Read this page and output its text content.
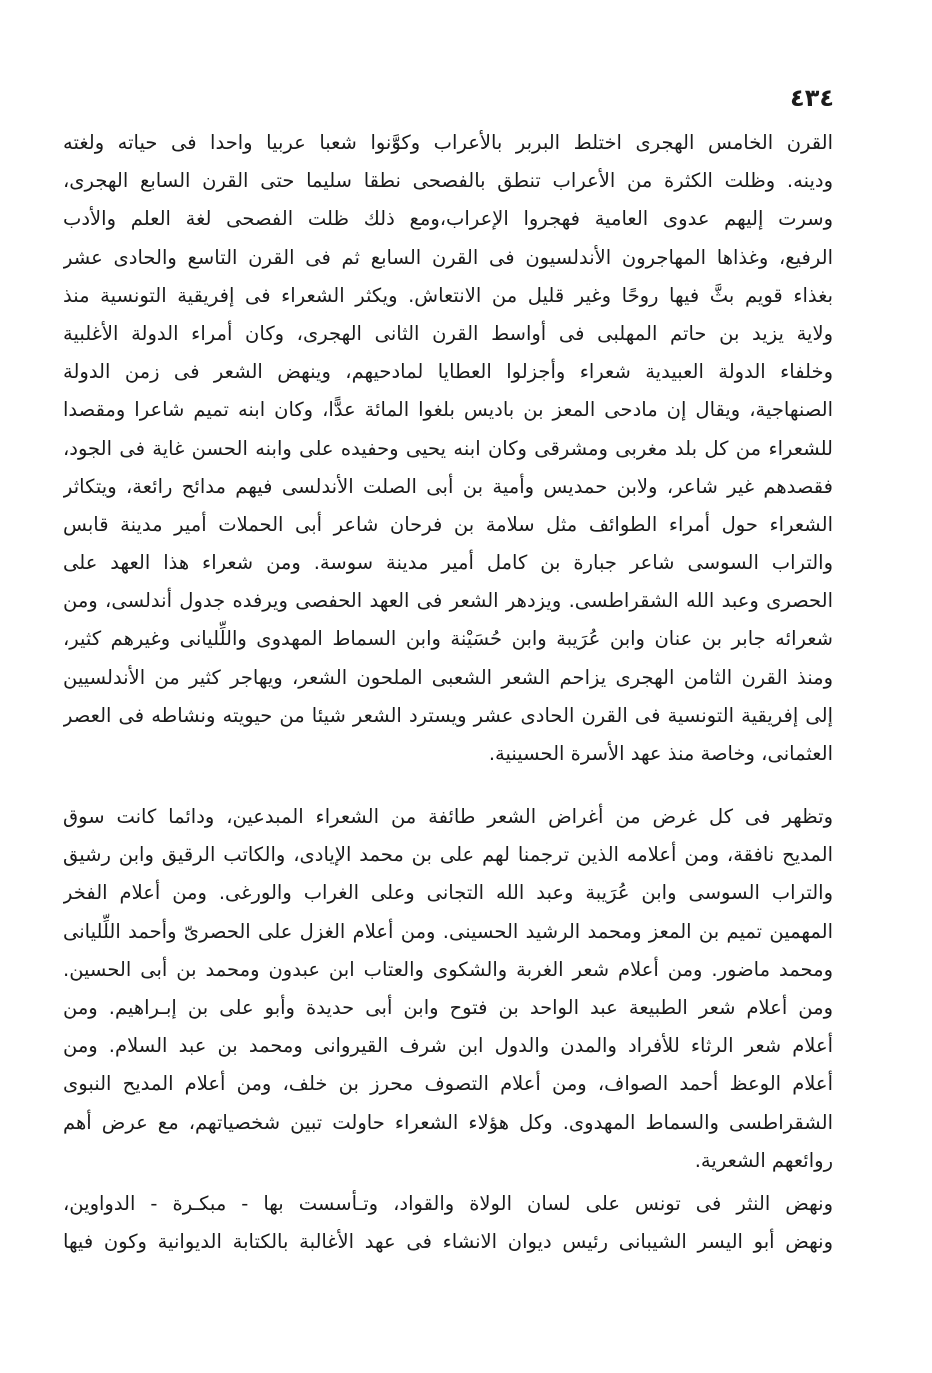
٤٣٤
القرن الخامس الهجرى اختلط البربر بالأعراب وكوَّنوا شعبا عربيا واحدا فى حياته ولغته
ودينه. وظلت الكثرة من الأعراب تنطق بالفصحى نطقا سليما حتى القرن السابع الهجرى،
وسرت إليهم عدوى العامية فهجروا الإعراب،ومع ذلك ظلت الفصحى لغة العلم والأدب
الرفيع، وغذاها المهاجرون الأندلسيون فى القرن السابع ثم فى القرن التاسع والحادى عشر
بغذاء قويم بثَّ فيها روحًا وغير قليل من الانتعاش. ويكثر الشعراء فى إفريقية التونسية منذ
ولاية يزيد بن حاتم المهلبى فى أواسط القرن الثانى الهجرى، وكان أمراء الدولة الأغلبية
وخلفاء الدولة العبيدية شعراء وأجزلوا العطايا لمادحيهم، وينهض الشعر فى زمن الدولة
الصنهاجية، ويقال إن مادحى المعز بن باديس بلغوا المائة عدًّا، وكان ابنه تميم شاعرا ومقصدا
للشعراء من كل بلد مغربى ومشرقى وكان ابنه يحيى وحفيده على وابنه الحسن غاية فى الجود،
فقصدهم غير شاعر، ولابن حمديس وأمية بن أبى الصلت الأندلسى فيهم مدائح رائعة، ويتكاثر
الشعراء حول أمراء الطوائف مثل سلامة بن فرحان شاعر أبى الحملات أمير مدينة قابس
والتراب السوسى شاعر جبارة بن كامل أمير مدينة سوسة. ومن شعراء هذا العهد على
الحصرى وعبد الله الشقراطسى. ويزدهر الشعر فى العهد الحفصى ويرفده جدول أندلسى، ومن
شعرائه جابر بن عنان وابن عُرَيبة وابن حُسَيْنة وابن السماط المهدوى واللِّليانى وغيرهم كثير،
ومنذ القرن الثامن الهجرى يزاحم الشعر الشعبى الملحون الشعر، ويهاجر كثير من الأندلسيين
إلى إفريقية التونسية فى القرن الحادى عشر ويسترد الشعر شيئا من حيويته ونشاطه فى العصر
العثمانى، وخاصة منذ عهد الأسرة الحسينية.
وتظهر فى كل غرض من أغراض الشعر طائفة من الشعراء المبدعين، ودائما كانت سوق
المديح نافقة، ومن أعلامه الذين ترجمنا لهم على بن محمد الإيادى، والكاتب الرقيق وابن رشيق
والتراب السوسى وابن عُرَيبة وعبد الله التجانى وعلى الغراب والورغى. ومن أعلام الفخر
المهمين تميم بن المعز ومحمد الرشيد الحسينى. ومن أعلام الغزل على الحصرىّ وأحمد اللِّليانى
ومحمد ماضور. ومن أعلام شعر الغربة والشكوى والعتاب ابن عبدون ومحمد بن أبى الحسين.
ومن أعلام شعر الطبيعة عبد الواحد بن فتوح وابن أبى حديدة وأبو على بن إبـراهيم. ومن
أعلام شعر الرثاء للأفراد والمدن والدول ابن شرف القيروانى ومحمد بن عبد السلام. ومن
أعلام الوعظ أحمد الصواف، ومن أعلام التصوف محرز بن خلف، ومن أعلام المديح النبوى
الشقراطسى والسماط المهدوى. وكل هؤلاء الشعراء حاولت تبين شخصياتهم، مع عرض أهم
روائعهم الشعرية.
ونهض النثر فى تونس على لسان الولاة والقواد، وتـأسست بها - مبكـرة - الدواوين،
ونهض أبو اليسر الشيبانى رئيس ديوان الانشاء فى عهد الأغالبة بالكتابة الديوانية وكون فيها
